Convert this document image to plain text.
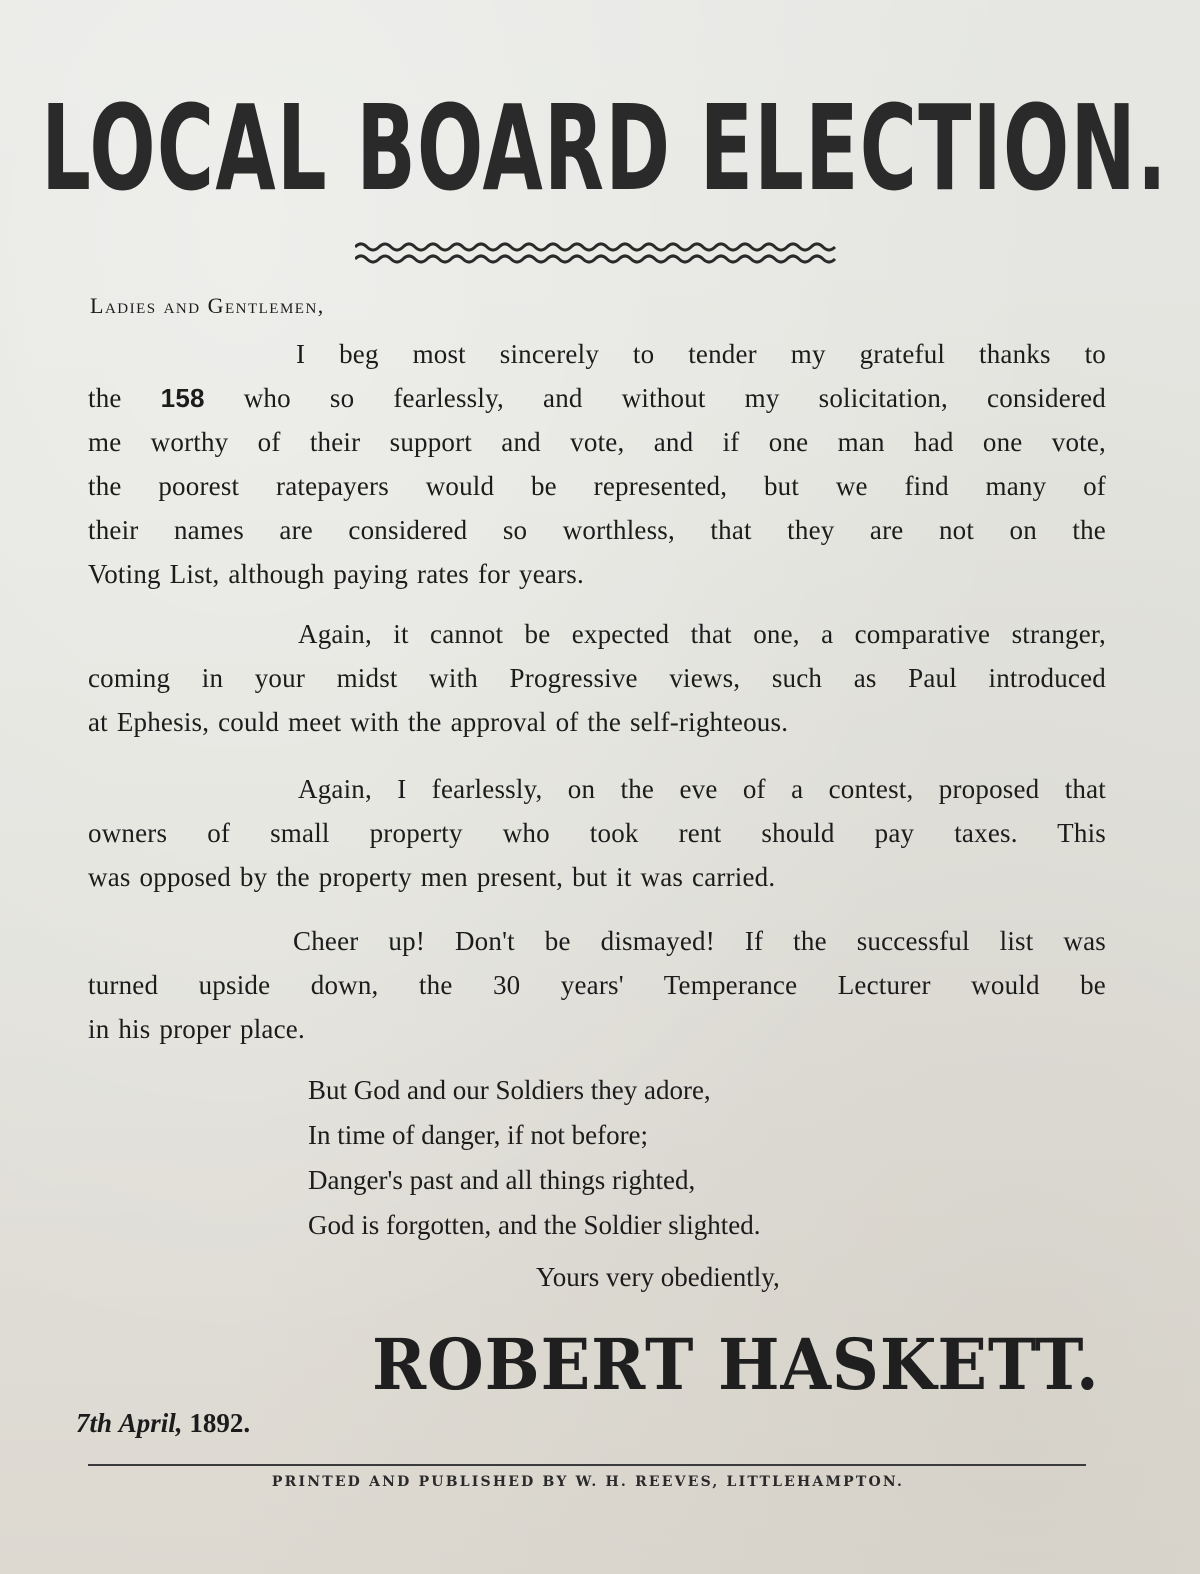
LOCAL BOARD ELECTION.
Ladies and Gentlemen,
I beg most sincerely to tender my grateful thanks to
the 158 who so fearlessly, and without my solicitation, considered
me worthy of their support and vote, and if one man had one vote,
the poorest ratepayers would be represented, but we find many of
their names are considered so worthless, that they are not on the
Voting List, although paying rates for years.
Again, it cannot be expected that one, a comparative stranger,
coming in your midst with Progressive views, such as Paul introduced
at Ephesis, could meet with the approval of the self-righteous.
Again, I fearlessly, on the eve of a contest, proposed that
owners of small property who took rent should pay taxes. This
was opposed by the property men present, but it was carried.
Cheer up! Don't be dismayed! If the successful list was
turned upside down, the 30 years' Temperance Lecturer would be
in his proper place.
But God and our Soldiers they adore,
In time of danger, if not before;
Danger's past and all things righted,
God is forgotten, and the Soldier slighted.
Yours very obediently,
ROBERT HASKETT.
7th April, 1892.
PRINTED AND PUBLISHED BY W. H. REEVES, LITTLEHAMPTON.
